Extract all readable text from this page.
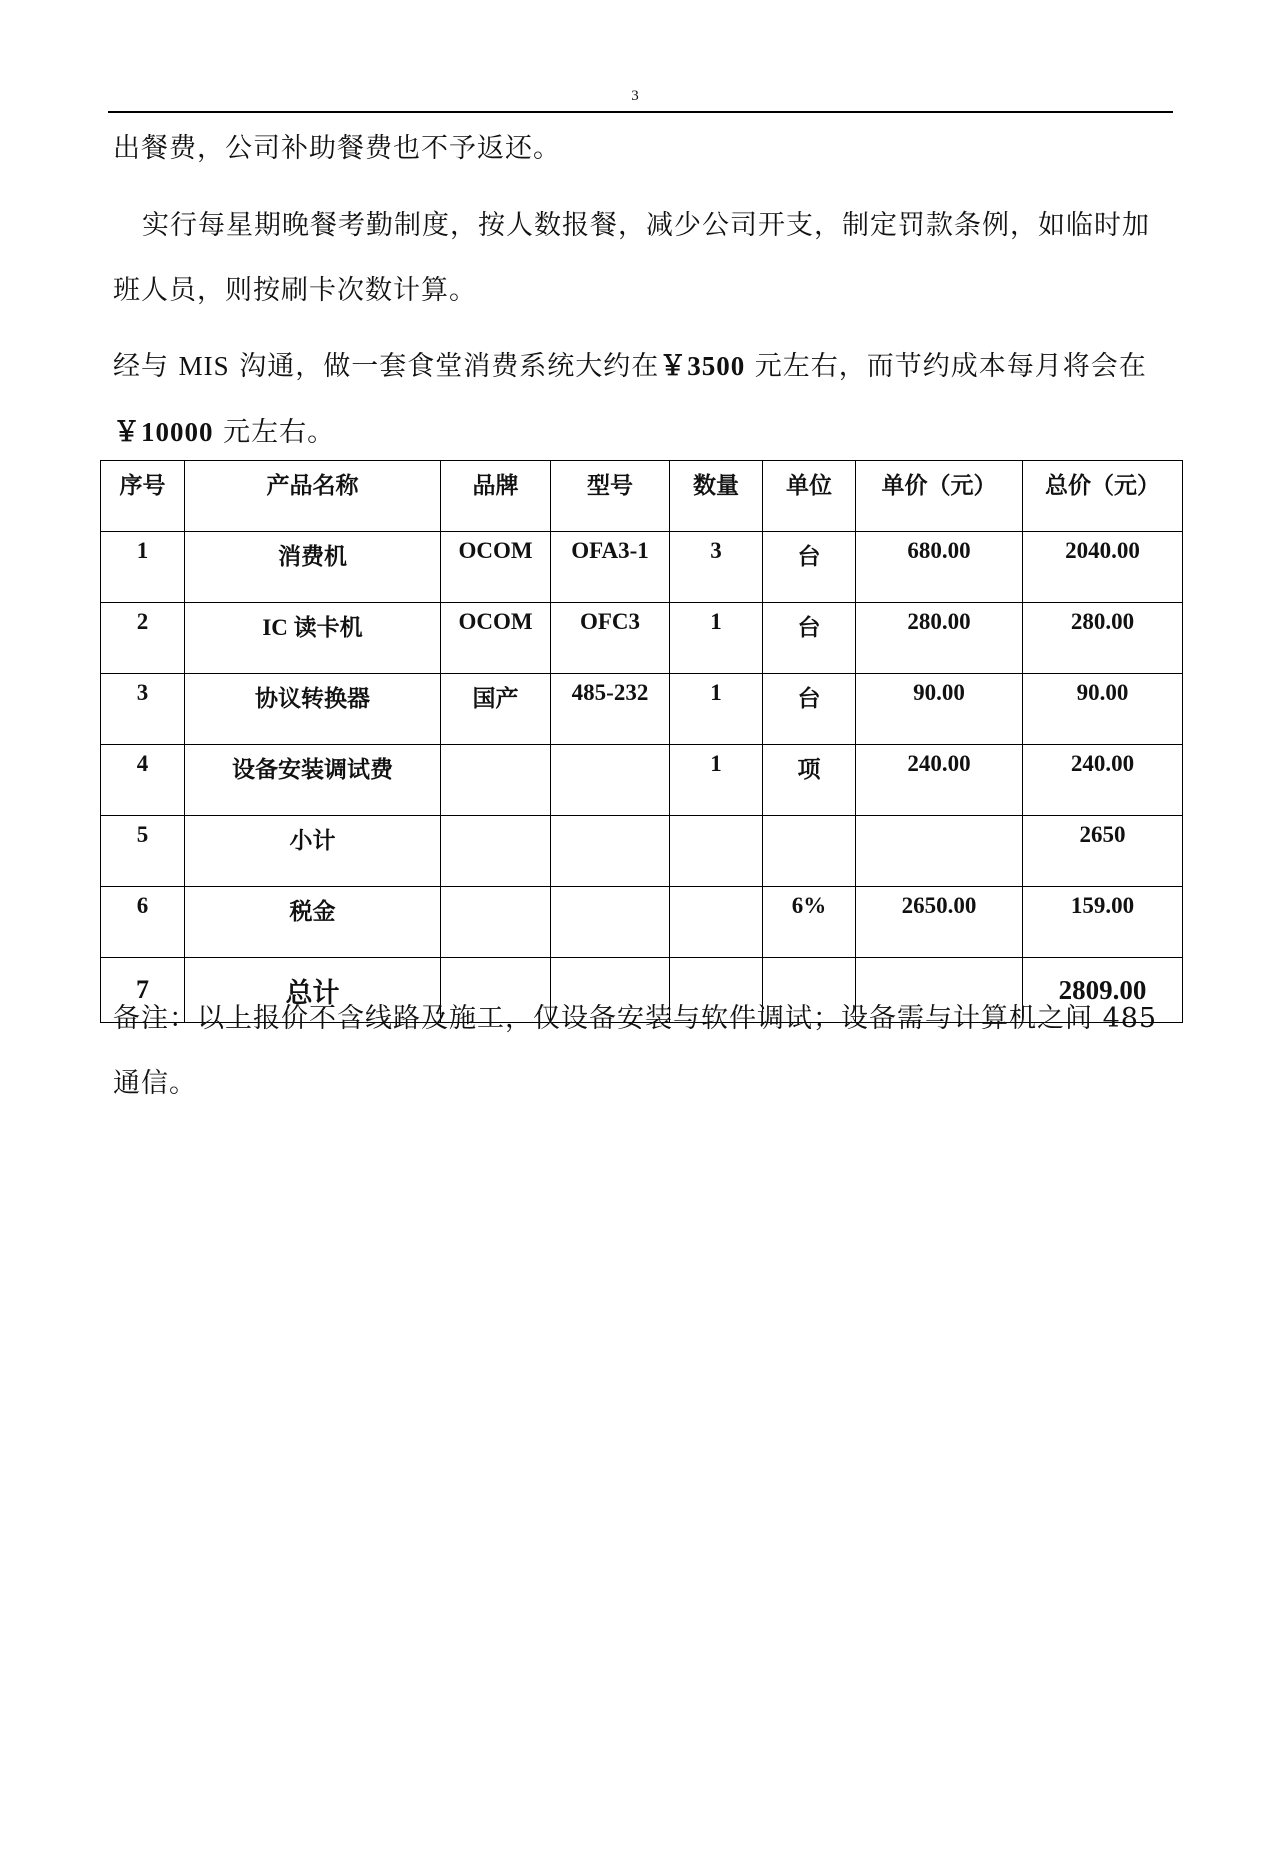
3
出餐费，公司补助餐费也不予返还。
实行每星期晚餐考勤制度，按人数报餐，减少公司开支，制定罚款条例，如临时加
班人员，则按刷卡次数计算。
经与 MIS 沟通，做一套食堂消费系统大约在￥3500 元左右，而节约成本每月将会在
￥10000 元左右。
序号	产品名称	品牌	型号	数量	单位	单价（元）	总价（元）
1	消费机	OCOM	OFA3-1	3	台	680.00	2040.00
2	IC 读卡机	OCOM	OFC3	1	台	280.00	280.00
3	协议转换器	国产	485-232	1	台	90.00	90.00
4	设备安装调试费			1	项	240.00	240.00
5	小计						2650
6	税金				6%	2650.00	159.00
7	总计						2809.00
备注：以上报价不含线路及施工，仅设备安装与软件调试；设备需与计算机之间 485
通信。
